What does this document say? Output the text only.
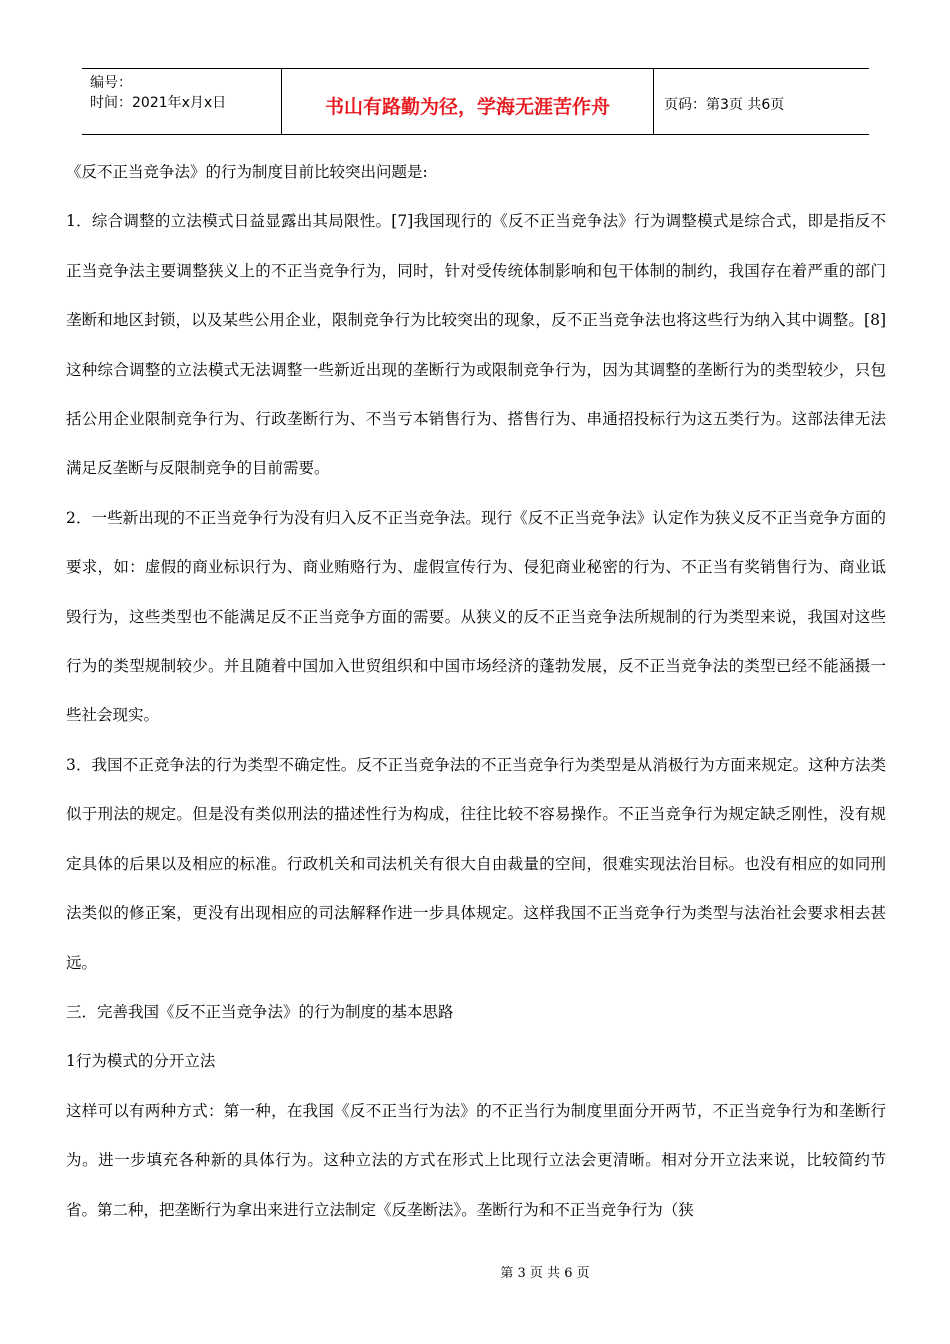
编号：
时间：2021年x月x日	书山有路勤为径，学海无涯苦作舟	页码：第3页 共6页

《反不正当竞争法》的行为制度目前比较突出问题是:

1．综合调整的立法模式日益显露出其局限性。[7]我国现行的《反不正当竞争法》行为调整模式是综合式，即是指反不正当竞争法主要调整狭义上的不正当竞争行为，同时，针对受传统体制影响和包干体制的制约，我国存在着严重的部门垄断和地区封锁，以及某些公用企业，限制竞争行为比较突出的现象，反不正当竞争法也将这些行为纳入其中调整。[8]这种综合调整的立法模式无法调整一些新近出现的垄断行为或限制竞争行为，因为其调整的垄断行为的类型较少，只包括公用企业限制竞争行为、行政垄断行为、不当亏本销售行为、搭售行为、串通招投标行为这五类行为。这部法律无法满足反垄断与反限制竞争的目前需要。

2．一些新出现的不正当竞争行为没有归入反不正当竞争法。现行《反不正当竞争法》认定作为狭义反不正当竞争方面的要求，如：虚假的商业标识行为、商业贿赂行为、虚假宣传行为、侵犯商业秘密的行为、不正当有奖销售行为、商业诋毁行为，这些类型也不能满足反不正当竞争方面的需要。从狭义的反不正当竞争法所规制的行为类型来说，我国对这些行为的类型规制较少。并且随着中国加入世贸组织和中国市场经济的蓬勃发展，反不正当竞争法的类型已经不能涵摄一些社会现实。

3．我国不正竞争法的行为类型不确定性。反不正当竞争法的不正当竞争行为类型是从消极行为方面来规定。这种方法类似于刑法的规定。但是没有类似刑法的描述性行为构成，往往比较不容易操作。不正当竞争行为规定缺乏刚性，没有规定具体的后果以及相应的标准。行政机关和司法机关有很大自由裁量的空间，很难实现法治目标。也没有相应的如同刑法类似的修正案，更没有出现相应的司法解释作进一步具体规定。这样我国不正当竞争行为类型与法治社会要求相去甚远。

三．完善我国《反不正当竞争法》的行为制度的基本思路

1行为模式的分开立法

这样可以有两种方式：第一种，在我国《反不正当行为法》的不正当行为制度里面分开两节，不正当竞争行为和垄断行为。进一步填充各种新的具体行为。这种立法的方式在形式上比现行立法会更清晰。相对分开立法来说，比较简约节省。第二种，把垄断行为拿出来进行立法制定《反垄断法》。垄断行为和不正当竞争行为（狭

第 3 页 共 6 页
